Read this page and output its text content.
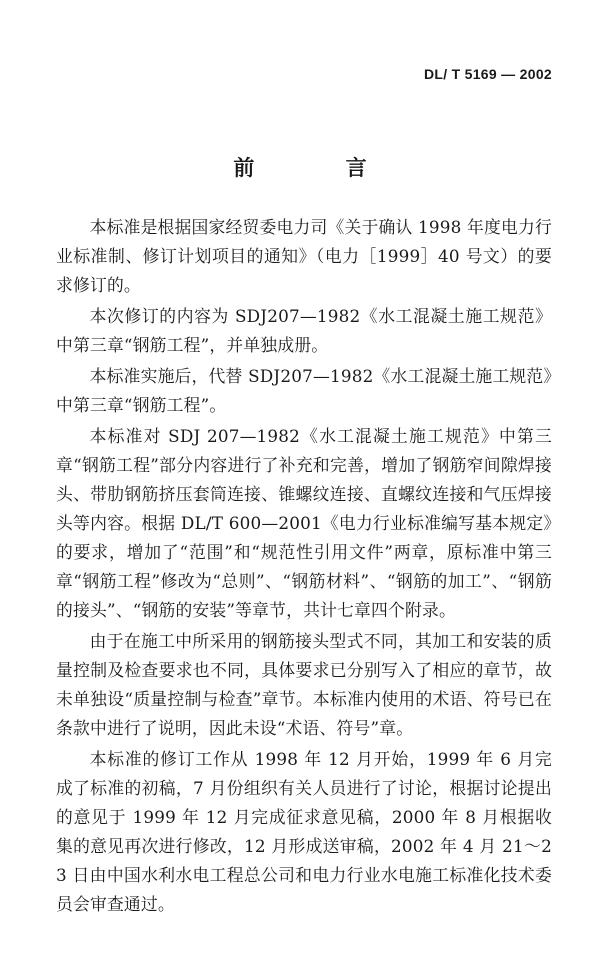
DL/ T 5169 — 2002
前 言

本标准是根据国家经贸委电力司《关于确认 1998 年度电力行业标准制、修订计划项目的通知》（电力［1999］40 号文）的要求修订的。

本次修订的内容为 SDJ207—1982《水工混凝土施工规范》中第三章“钢筋工程”，并单独成册。

本标准实施后，代替 SDJ207—1982《水工混凝土施工规范》中第三章“钢筋工程”。

本标准对 SDJ 207—1982《水工混凝土施工规范》中第三章“钢筋工程”部分内容进行了补充和完善，增加了钢筋窄间隙焊接头、带肋钢筋挤压套筒连接、锥螺纹连接、直螺纹连接和气压焊接头等内容。根据 DL/T 600—2001《电力行业标准编写基本规定》的要求，增加了“范围”和“规范性引用文件”两章，原标准中第三章“钢筋工程”修改为“总则”、“钢筋材料”、“钢筋的加工”、“钢筋的接头”、“钢筋的安装”等章节，共计七章四个附录。

由于在施工中所采用的钢筋接头型式不同，其加工和安装的质量控制及检查要求也不同，具体要求已分别写入了相应的章节，故未单独设“质量控制与检查”章节。本标准内使用的术语、符号已在条款中进行了说明，因此未设“术语、符号”章。

本标准的修订工作从 1998 年 12 月开始，1999 年 6 月完成了标准的初稿，7 月份组织有关人员进行了讨论，根据讨论提出的意见于 1999 年 12 月完成征求意见稿，2000 年 8 月根据收集的意见再次进行修改，12 月形成送审稿，2002 年 4 月 21～23 日由中国水利水电工程总公司和电力行业水电施工标准化技术委员会审查通过。
